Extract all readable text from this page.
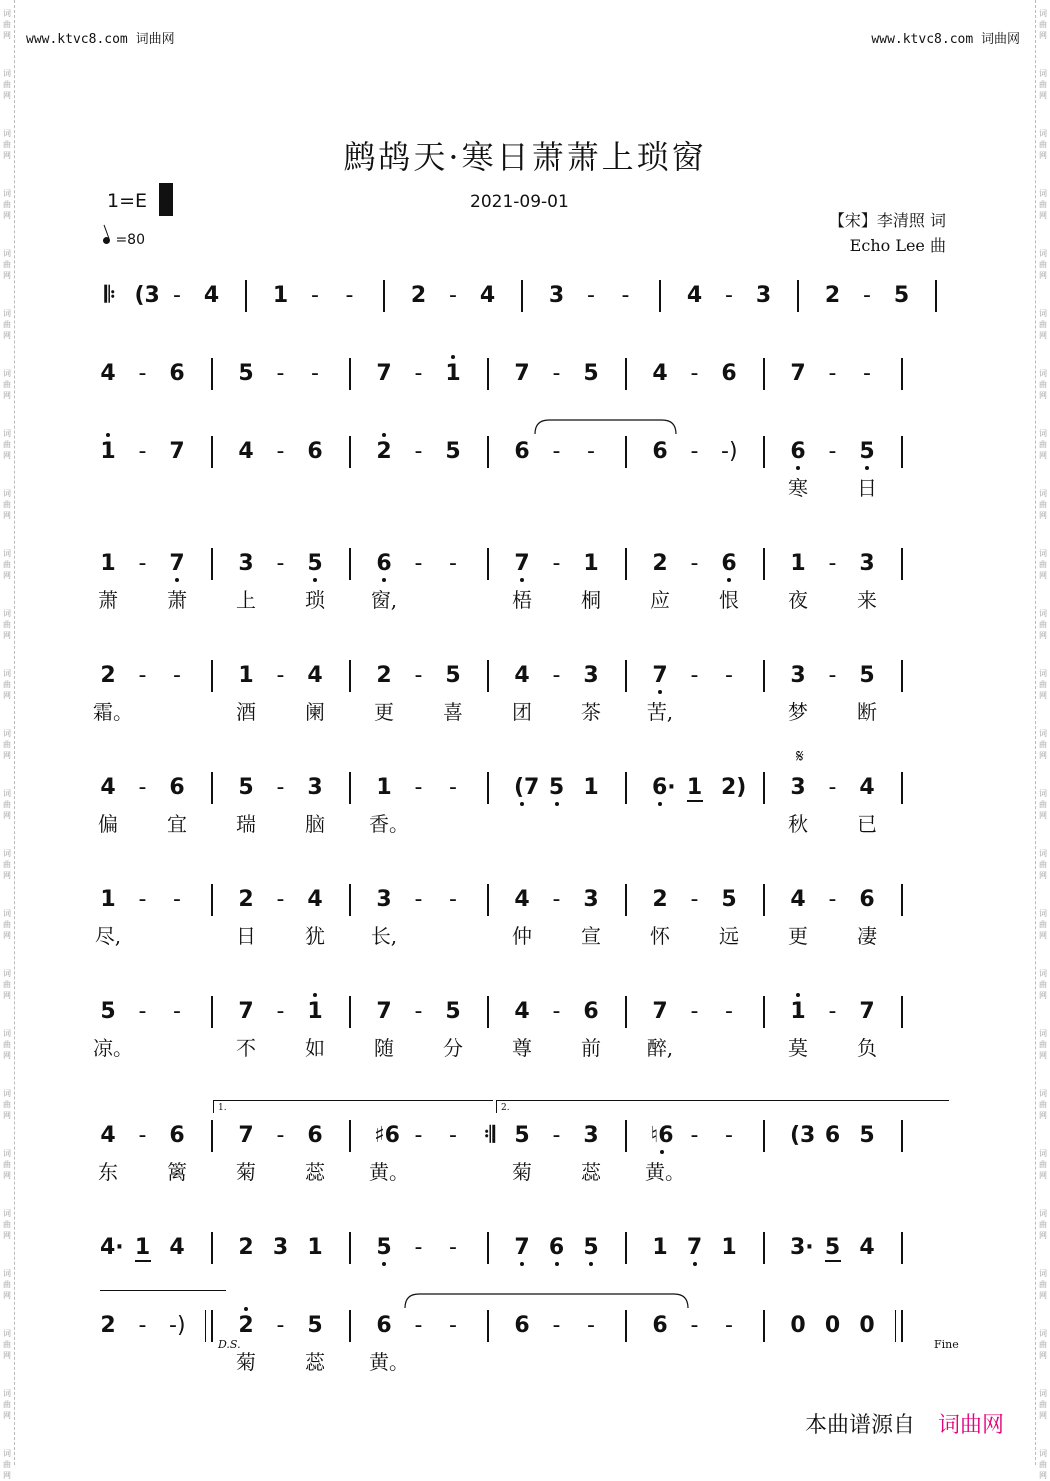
词
曲
网
词
曲
网
词
曲
网
词
曲
网
词
曲
网
词
曲
网
词
曲
网
词
曲
网
词
曲
网
词
曲
网
词
曲
网
词
曲
网
词
曲
网
词
曲
网
词
曲
网
词
曲
网
词
曲
网
词
曲
网
词
曲
网
词
曲
网
词
曲
网
词
曲
网
词
曲
网
词
曲
网
词
曲
网
词
曲
网
词
曲
网
词
曲
网
词
曲
网
词
曲
网
词
曲
网
词
曲
网
词
曲
网
词
曲
网
词
曲
网
词
曲
网
词
曲
网
词
曲
网
词
曲
网
词
曲
网
词
曲
网
词
曲
网
词
曲
网
词
曲
网
词
曲
网
词
曲
网
词
曲
网
词
曲
网
词
曲
网
词
曲
网
www.ktvc8.com 词曲网	www.ktvc8.com 词曲网
鹧鸪天·寒日萧萧上琐窗
1=E
=80
2021-09-01
【宋】李清照 词
Echo Lee 曲
𝄆 (3 - 4 1 - -	2 - 4 3 - -	4 - 3 2 - 5
4 - 6 5 - -	7 - 1 7 - 5 4 - 6 7 - -
1 - 7 4 - 6 2 - 5 6 - -	6 - -) 6 - 5
寒 日
1 - 7 3 - 5 6 - -	7 - 1 2 - 6 1 - 3
萧 萧 上 琐 窗,	梧 桐 应 恨 夜 来
2 - -	1 - 4 2 - 5 4 - 3 7 - -	3 - 5
霜。	酒 阑 更 喜 团 茶 苦,	梦 断
4 - 6 5 - 3 1 - -	(7 5 1 6· 1 2) 3 - 4
偏 宜 瑞 脑 香。	秋 已
1 - -	2 - 4 3 - -	4 - 3 2 - 5 4 - 6
尽,	日 犹 长,	仲 宣 怀 远 更 凄
5 - -	7 - 1 7 - 5 4 - 6 7 - -	1 - 7
凉。	不 如 随 分 尊 前 醉,	莫 负
4 - 6 7 - 6 ♯6 - -	𝄇 5 - 3 ♮6 - -	(3 6 5
东 篱 菊 蕊 黄。	菊 蕊 黄。
4· 1 4 2 3 1 5 - -	7 6 5 1 7 1 3· 5 4
2 - -) 2 - 5 6 - -	6 - -	6 - -	0 0 0
菊 蕊 黄。
𝄋
1.	2.
D.S.	Fine
本曲谱源自 词曲网
